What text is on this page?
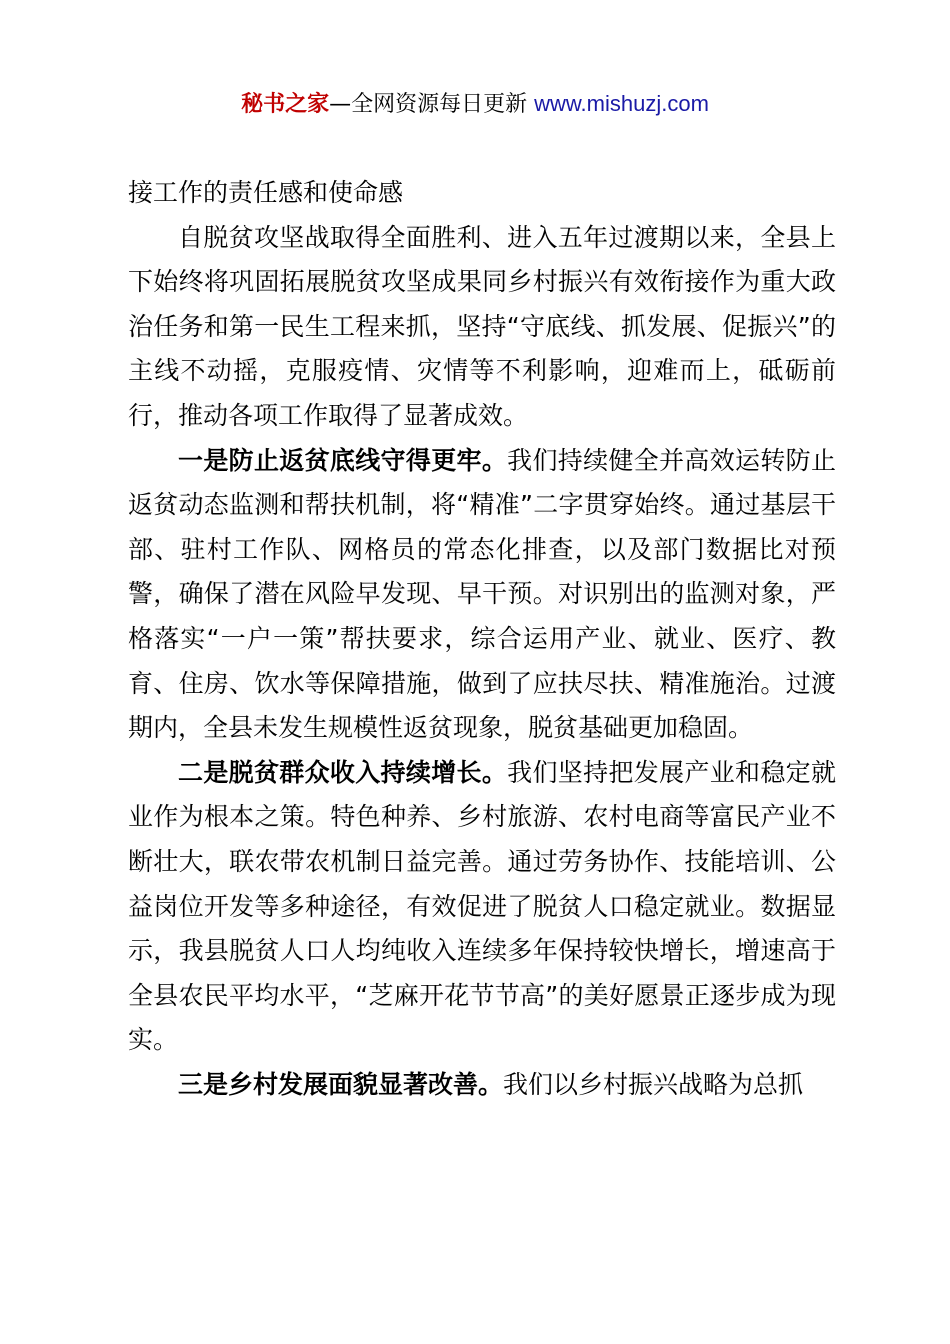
秘书之家—全网资源每日更新 www.mishuzj.com

接工作的责任感和使命感

自脱贫攻坚战取得全面胜利、进入五年过渡期以来，全县上下始终将巩固拓展脱贫攻坚成果同乡村振兴有效衔接作为重大政治任务和第一民生工程来抓，坚持“守底线、抓发展、促振兴”的主线不动摇，克服疫情、灾情等不利影响，迎难而上，砥砺前行，推动各项工作取得了显著成效。

一是防止返贫底线守得更牢。我们持续健全并高效运转防止返贫动态监测和帮扶机制，将“精准”二字贯穿始终。通过基层干部、驻村工作队、网格员的常态化排查，以及部门数据比对预警，确保了潜在风险早发现、早干预。对识别出的监测对象，严格落实“一户一策”帮扶要求，综合运用产业、就业、医疗、教育、住房、饮水等保障措施，做到了应扶尽扶、精准施治。过渡期内，全县未发生规模性返贫现象，脱贫基础更加稳固。

二是脱贫群众收入持续增长。我们坚持把发展产业和稳定就业作为根本之策。特色种养、乡村旅游、农村电商等富民产业不断壮大，联农带农机制日益完善。通过劳务协作、技能培训、公益岗位开发等多种途径，有效促进了脱贫人口稳定就业。数据显示，我县脱贫人口人均纯收入连续多年保持较快增长，增速高于全县农民平均水平，“芝麻开花节节高”的美好愿景正逐步成为现实。

三是乡村发展面貌显著改善。我们以乡村振兴战略为总抓
